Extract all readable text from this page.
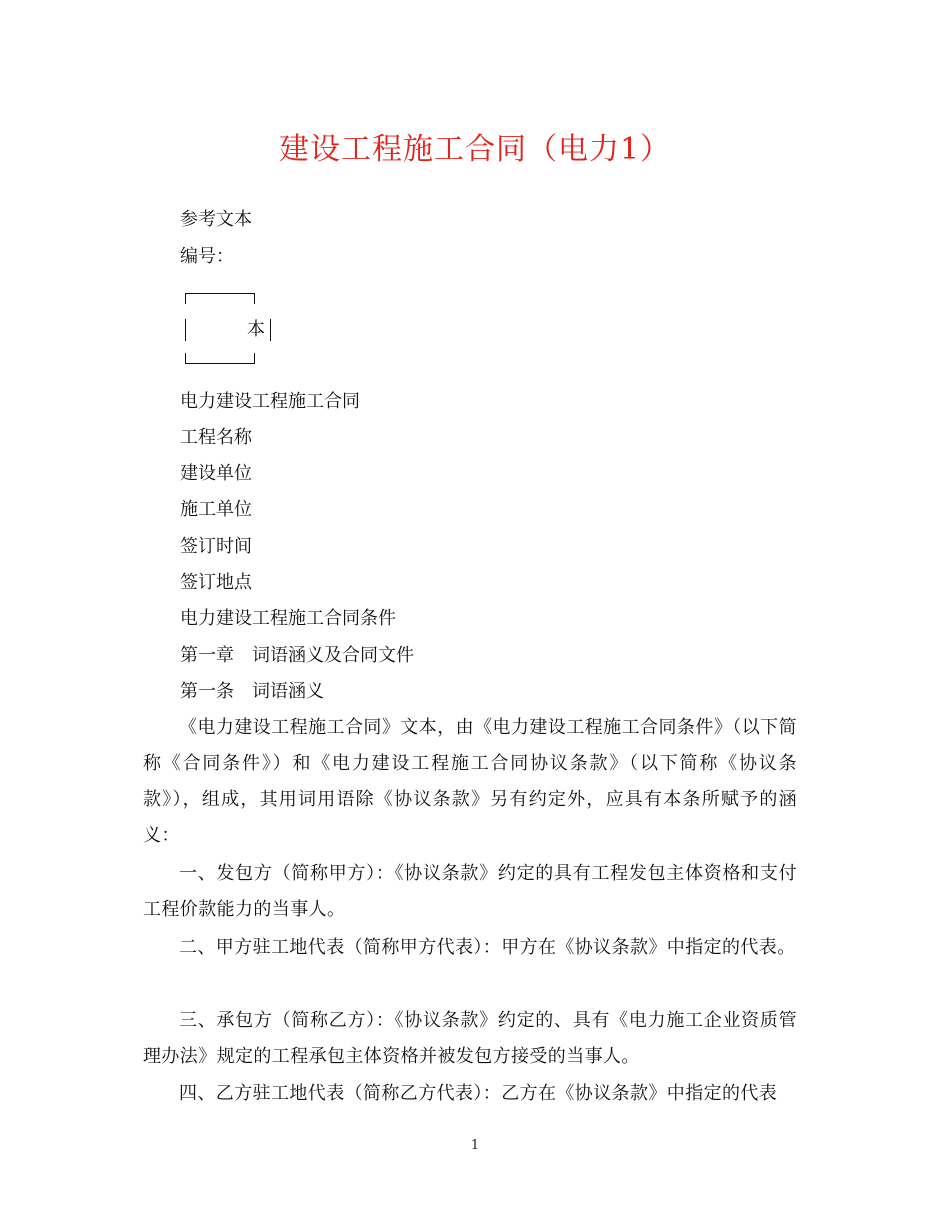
建设工程施工合同（电力1）
参考文本
编号：
本
电力建设工程施工合同
工程名称
建设单位
施工单位
签订时间
签订地点
电力建设工程施工合同条件
第一章　词语涵义及合同文件
第一条　词语涵义
《电力建设工程施工合同》文本，由《电力建设工程施工合同条件》（以下简称《合同条件》）和《电力建设工程施工合同协议条款》（以下简称《协议条款》），组成，其用词用语除《协议条款》另有约定外，应具有本条所赋予的涵义：
一、发包方（简称甲方）：《协议条款》约定的具有工程发包主体资格和支付工程价款能力的当事人。
二、甲方驻工地代表（简称甲方代表）：甲方在《协议条款》中指定的代表。
三、承包方（简称乙方）：《协议条款》约定的、具有《电力施工企业资质管理办法》规定的工程承包主体资格并被发包方接受的当事人。
四、乙方驻工地代表（简称乙方代表）：乙方在《协议条款》中指定的代表
1
